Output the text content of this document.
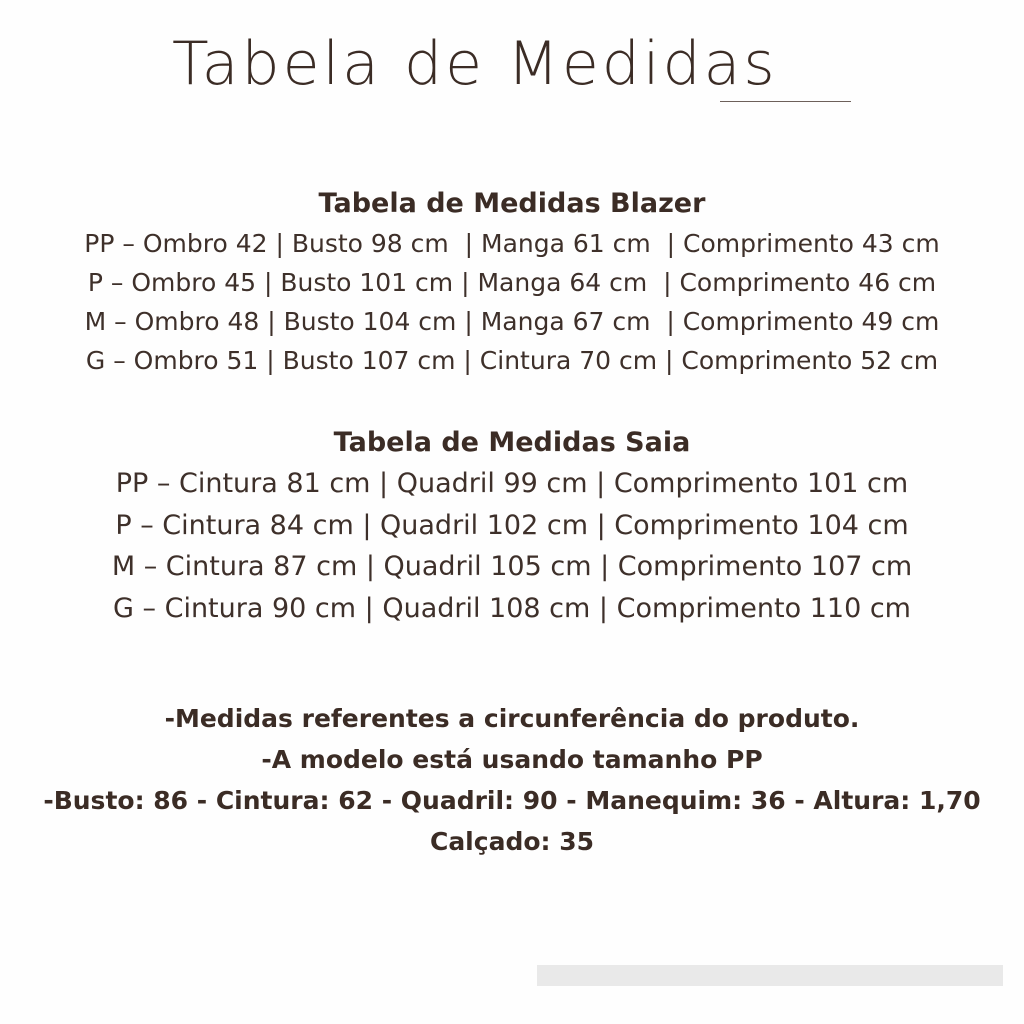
Tabela de Medidas
Tabela de Medidas Blazer
PP – Ombro 42 | Busto 98 cm  | Manga 61 cm  | Comprimento 43 cm
P – Ombro 45 | Busto 101 cm | Manga 64 cm  | Comprimento 46 cm
M – Ombro 48 | Busto 104 cm | Manga 67 cm  | Comprimento 49 cm
G – Ombro 51 | Busto 107 cm | Cintura 70 cm | Comprimento 52 cm
Tabela de Medidas Saia
PP – Cintura 81 cm | Quadril 99 cm | Comprimento 101 cm
P – Cintura 84 cm | Quadril 102 cm | Comprimento 104 cm
M – Cintura 87 cm | Quadril 105 cm | Comprimento 107 cm
G – Cintura 90 cm | Quadril 108 cm | Comprimento 110 cm
-Medidas referentes a circunferência do produto.
-A modelo está usando tamanho PP
-Busto: 86 - Cintura: 62 - Quadril: 90 - Manequim: 36 - Altura: 1,70
Calçado: 35
